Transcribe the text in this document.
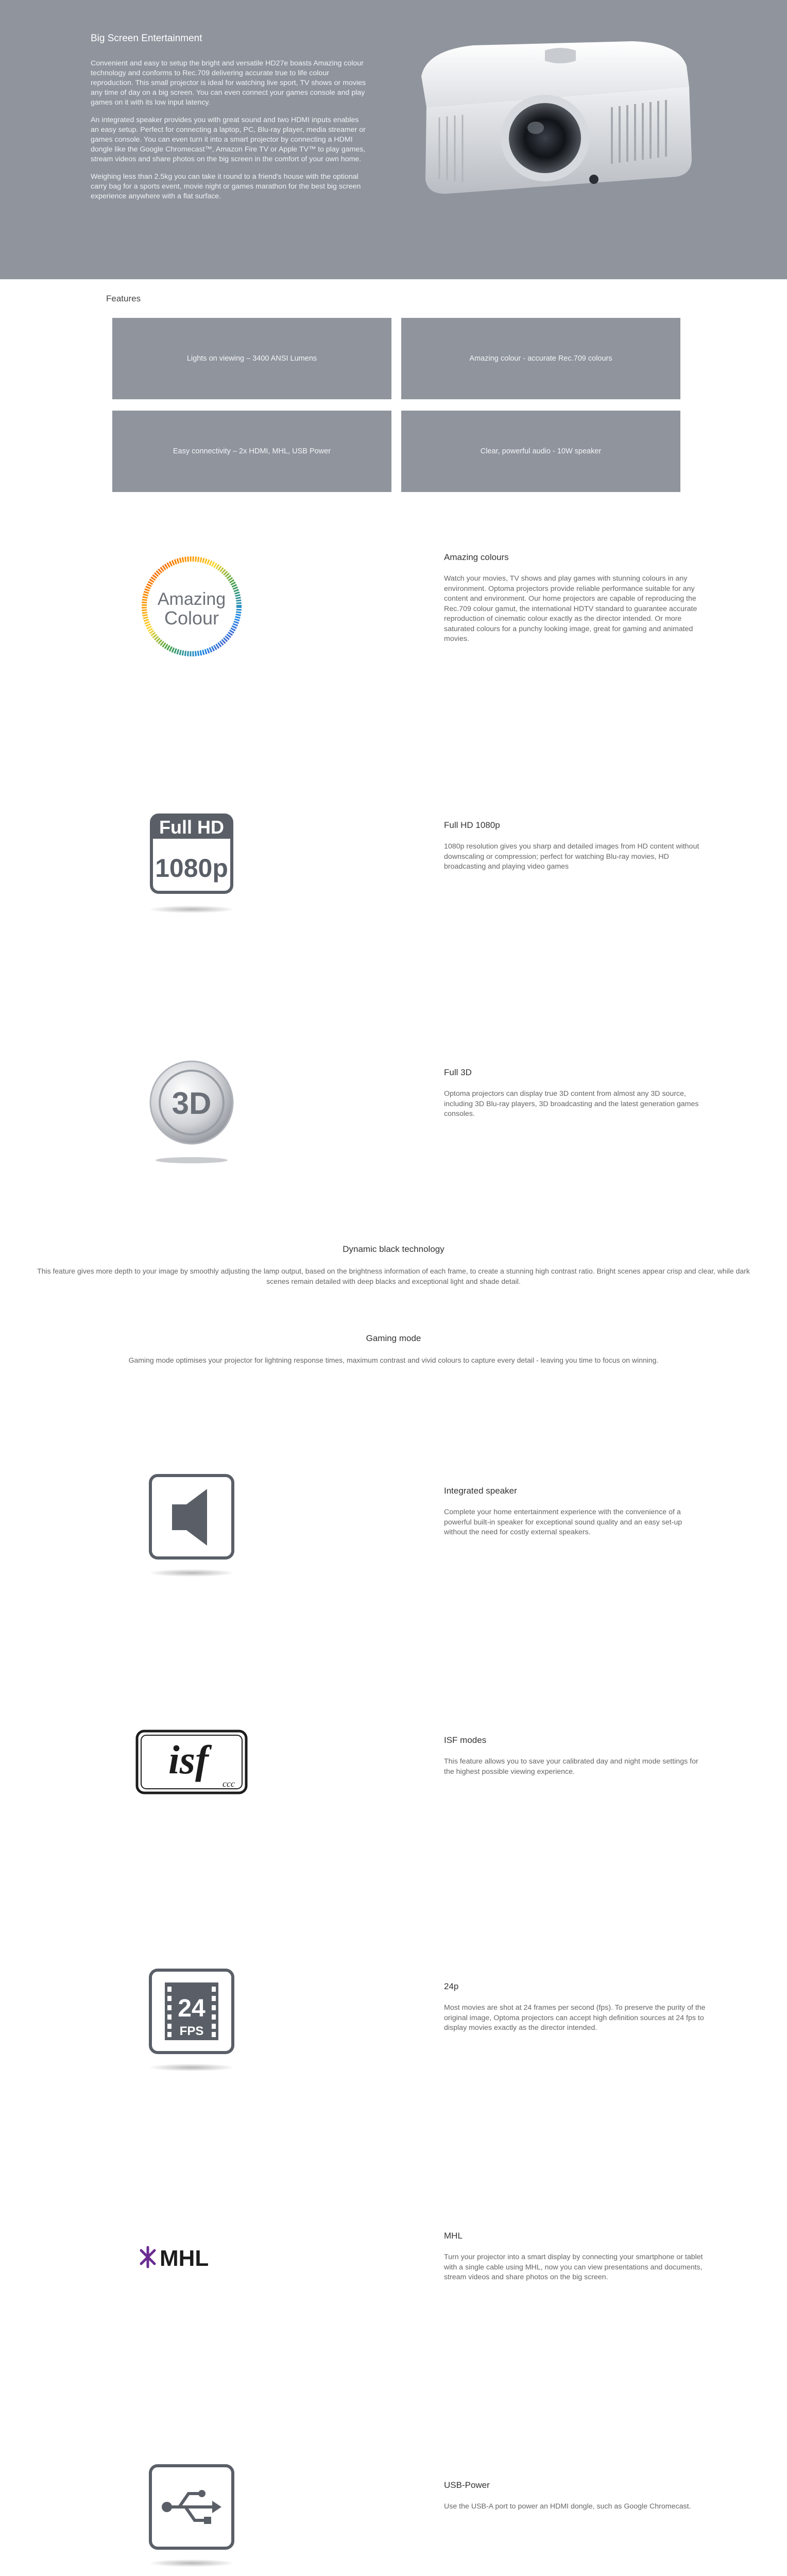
Big Screen Entertainment

Convenient and easy to setup the bright and versatile HD27e boasts Amazing colour technology and conforms to Rec.709 delivering accurate true to life colour reproduction. This small projector is ideal for watching live sport, TV shows or movies any time of day on a big screen. You can even connect your games console and play games on it with its low input latency.

An integrated speaker provides you with great sound and two HDMI inputs enables an easy setup. Perfect for connecting a laptop, PC, Blu-ray player, media streamer or games console. You can even turn it into a smart projector by connecting a HDMI dongle like the Google Chromecast™, Amazon Fire TV or Apple TV™ to play games, stream videos and share photos on the big screen in the comfort of your own home.

Weighing less than 2.5kg you can take it round to a friend's house with the optional carry bag for a sports event, movie night or games marathon for the best big screen experience anywhere with a flat surface.

Features
Lights on viewing – 3400 ANSI Lumens	Amazing colour - accurate Rec.709 colours
Easy connectivity – 2x HDMI, MHL, USB Power	Clear, powerful audio - 10W speaker
Amazing
Colour
Amazing colours
Watch your movies, TV shows and play games with stunning colours in any environment. Optoma projectors provide reliable performance suitable for any content and environment. Our home projectors are capable of reproducing the Rec.709 colour gamut, the international HDTV standard to guarantee accurate reproduction of cinematic colour exactly as the director intended. Or more saturated colours for a punchy looking image, great for gaming and animated movies.
Full HD
1080p
Full HD 1080p
1080p resolution gives you sharp and detailed images from HD content without downscaling or compression; perfect for watching Blu-ray movies, HD broadcasting and playing video games
3D
Full 3D
Optoma projectors can display true 3D content from almost any 3D source, including 3D Blu-ray players, 3D broadcasting and the latest generation games consoles.
Dynamic black technology
This feature gives more depth to your image by smoothly adjusting the lamp output, based on the brightness information of each frame, to create a stunning high contrast ratio. Bright scenes appear crisp and clear, while dark scenes remain detailed with deep blacks and exceptional light and shade detail.
Gaming mode
Gaming mode optimises your projector for lightning response times, maximum contrast and vivid colours to capture every detail - leaving you time to focus on winning.
Integrated speaker
Complete your home entertainment experience with the convenience of a powerful built-in speaker for exceptional sound quality and an easy set-up without the need for costly external speakers.
isf
ccc
ISF modes
This feature allows you to save your calibrated day and night mode settings for the highest possible viewing experience.
24
FPS
24p
Most movies are shot at 24 frames per second (fps). To preserve the purity of the original image, Optoma projectors can accept high definition sources at 24 fps to display movies exactly as the director intended.
MHL
MHL
Turn your projector into a smart display by connecting your smartphone or tablet with a single cable using MHL, now you can view presentations and documents, stream videos and share photos on the big screen.
USB-Power
Use the USB-A port to power an HDMI dongle, such as Google Chromecast.
